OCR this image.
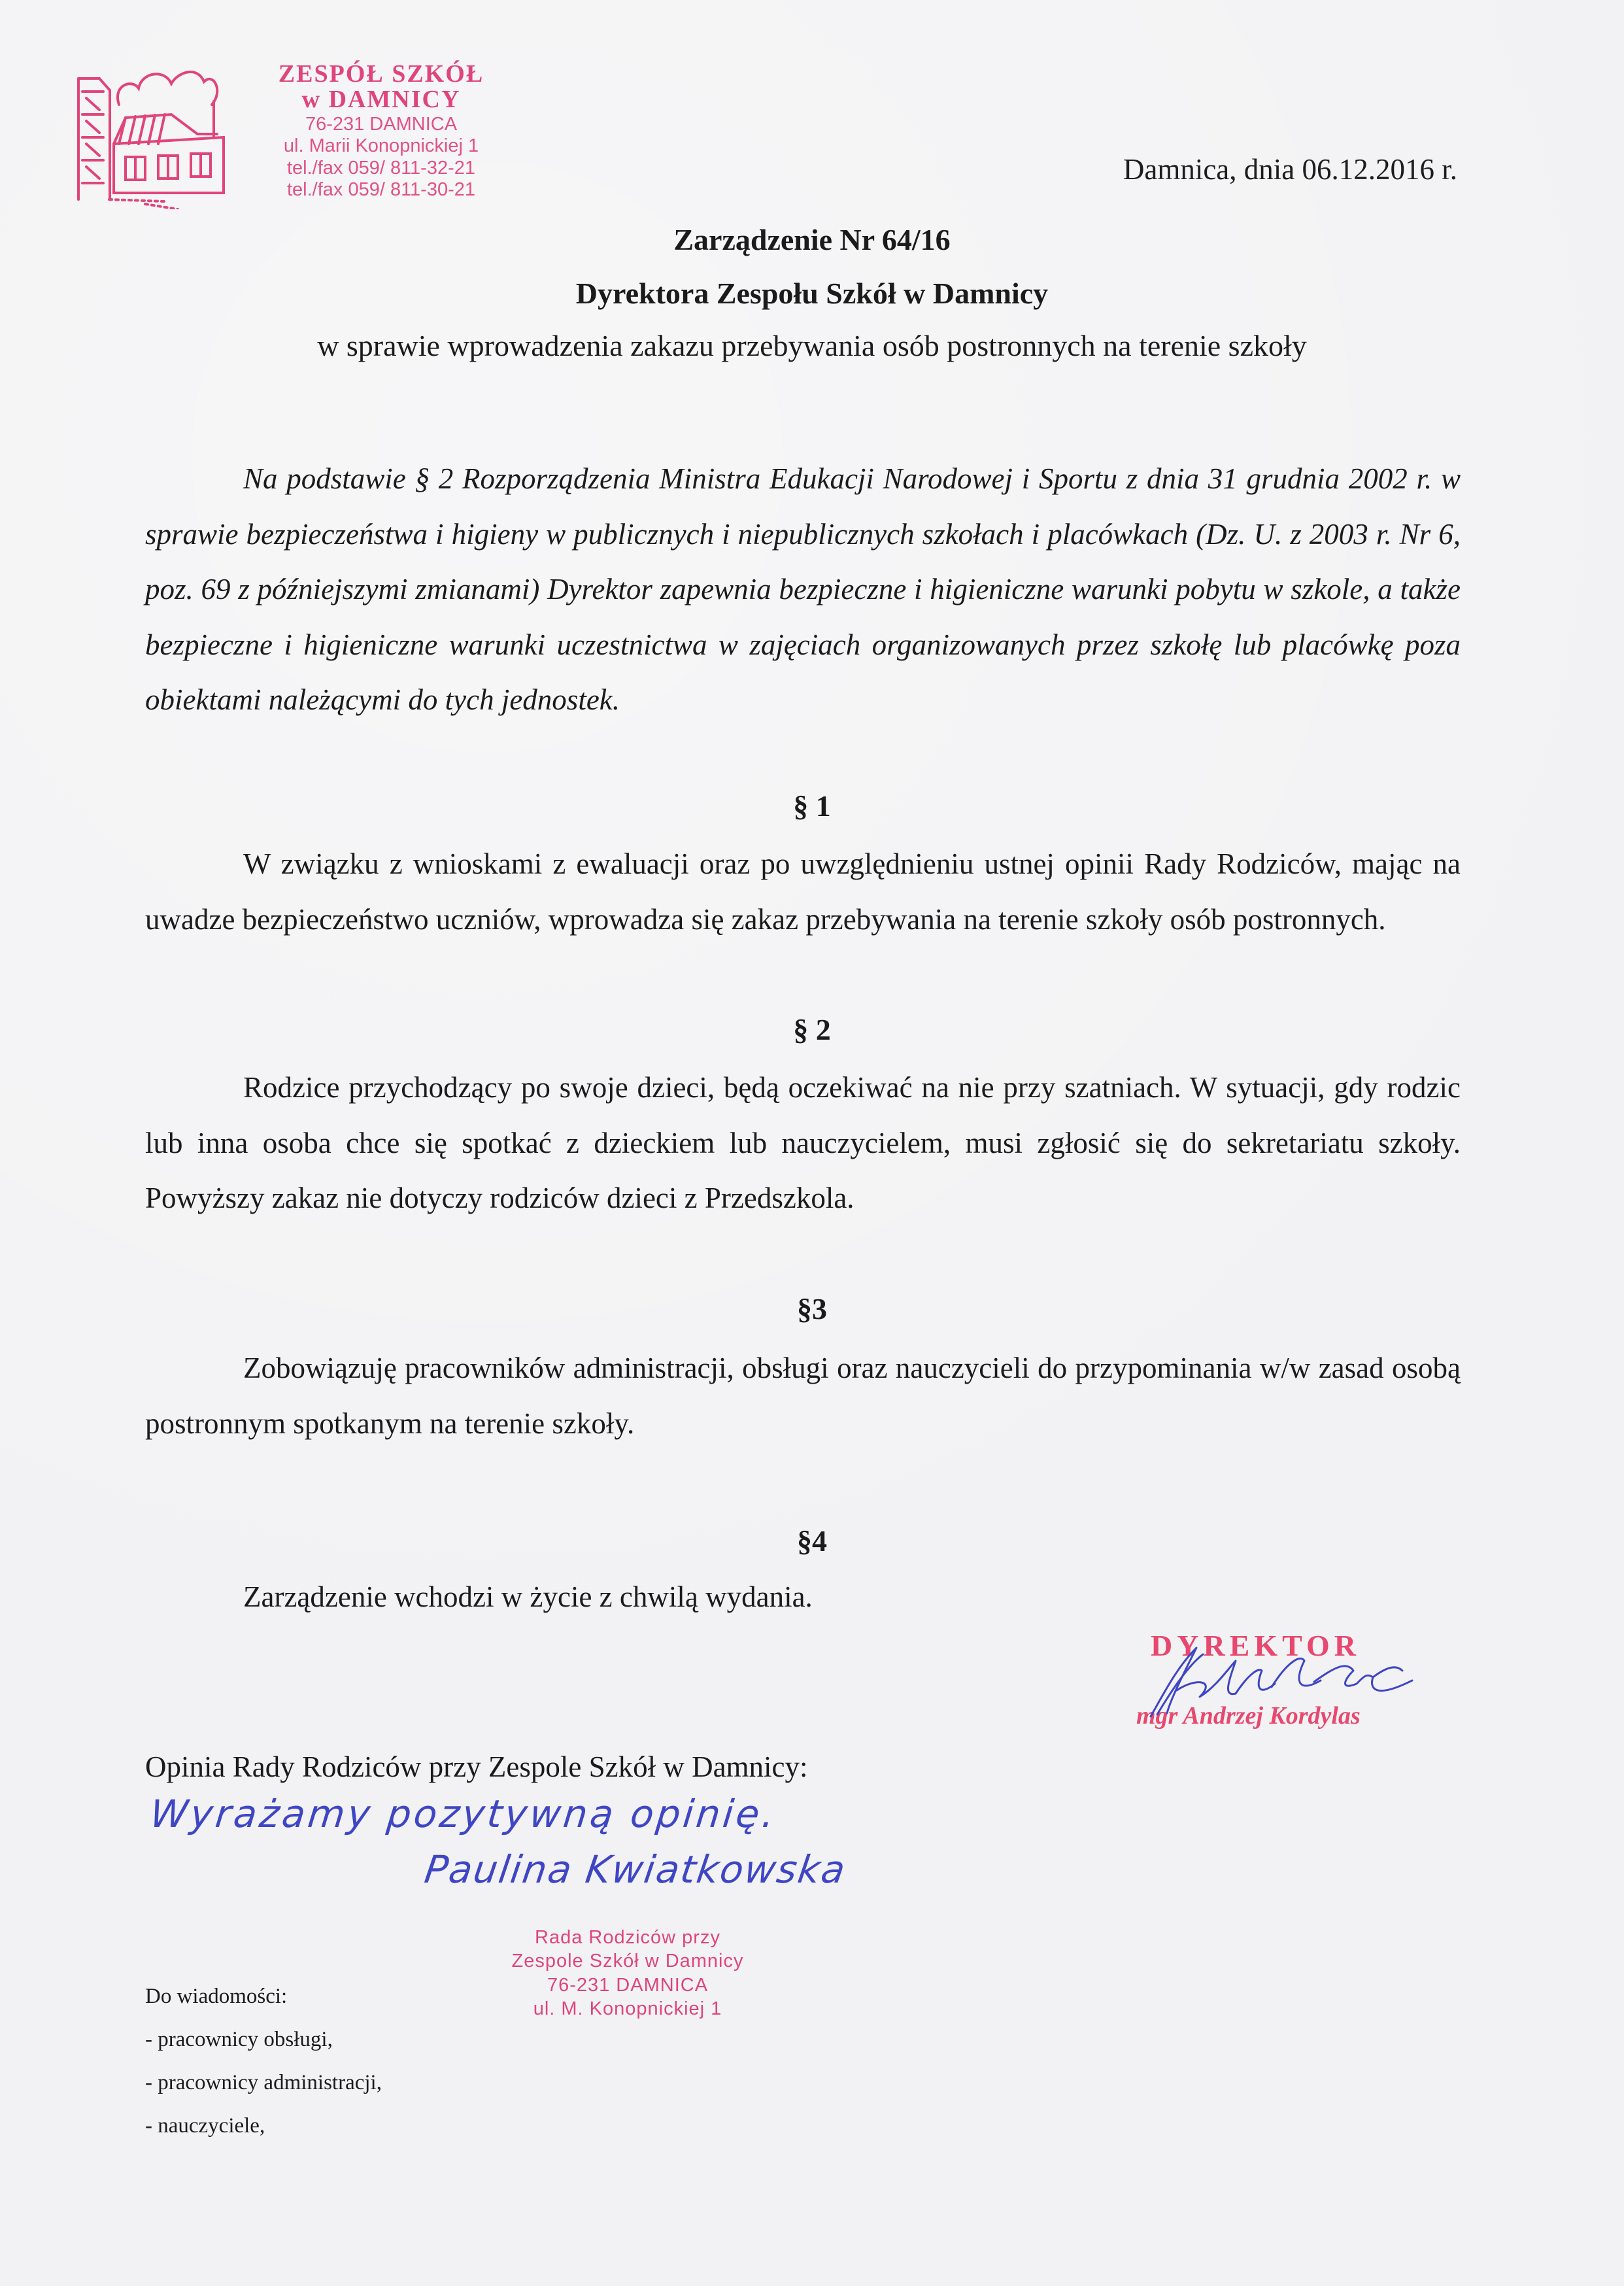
ZESPÓŁ SZKÓŁ
w DAMNICY
76-231 DAMNICA
ul. Marii Konopnickiej 1
tel./fax 059/ 811-32-21
tel./fax 059/ 811-30-21
Damnica, dnia 06.12.2016 r.
Zarządzenie Nr 64/16
Dyrektora Zespołu Szkół w Damnicy
w sprawie wprowadzenia zakazu przebywania osób postronnych na terenie szkoły

Na podstawie § 2 Rozporządzenia Ministra Edukacji Narodowej i Sportu z dnia 31 grudnia 2002 r. w sprawie bezpieczeństwa i higieny w publicznych i niepublicznych szkołach i placówkach (Dz. U. z 2003 r. Nr 6, poz. 69 z późniejszymi zmianami) Dyrektor zapewnia bezpieczne i higieniczne warunki pobytu w szkole, a także bezpieczne i higieniczne warunki uczestnictwa w zajęciach organizowanych przez szkołę lub placówkę poza obiektami należącymi do tych jednostek.

§ 1

W związku z wnioskami z ewaluacji oraz po uwzględnieniu ustnej opinii Rady Rodziców, mając na uwadze bezpieczeństwo uczniów, wprowadza się zakaz przebywania na terenie szkoły osób postronnych.

§ 2

Rodzice przychodzący po swoje dzieci, będą oczekiwać na nie przy szatniach. W sytuacji, gdy rodzic lub inna osoba chce się spotkać z dzieckiem lub nauczycielem, musi zgłosić się do sekretariatu szkoły. Powyższy zakaz nie dotyczy rodziców dzieci z Przedszkola.

§3

Zobowiązuję pracowników administracji, obsługi oraz nauczycieli do przypominania w/w zasad osobą postronnym spotkanym na terenie szkoły.

§4

Zarządzenie wchodzi w życie z chwilą wydania.

DYREKTOR
mgr Andrzej Kordylas
Opinia Rady Rodziców przy Zespole Szkół w Damnicy:
Wyrażamy pozytywną opinię.
Paulina Kwiatkowska
Rada Rodziców przy
Zespole Szkół w Damnicy
76-231 DAMNICA
ul. M. Konopnickiej 1
Do wiadomości:
- pracownicy obsługi,
- pracownicy administracji,
- nauczyciele,
